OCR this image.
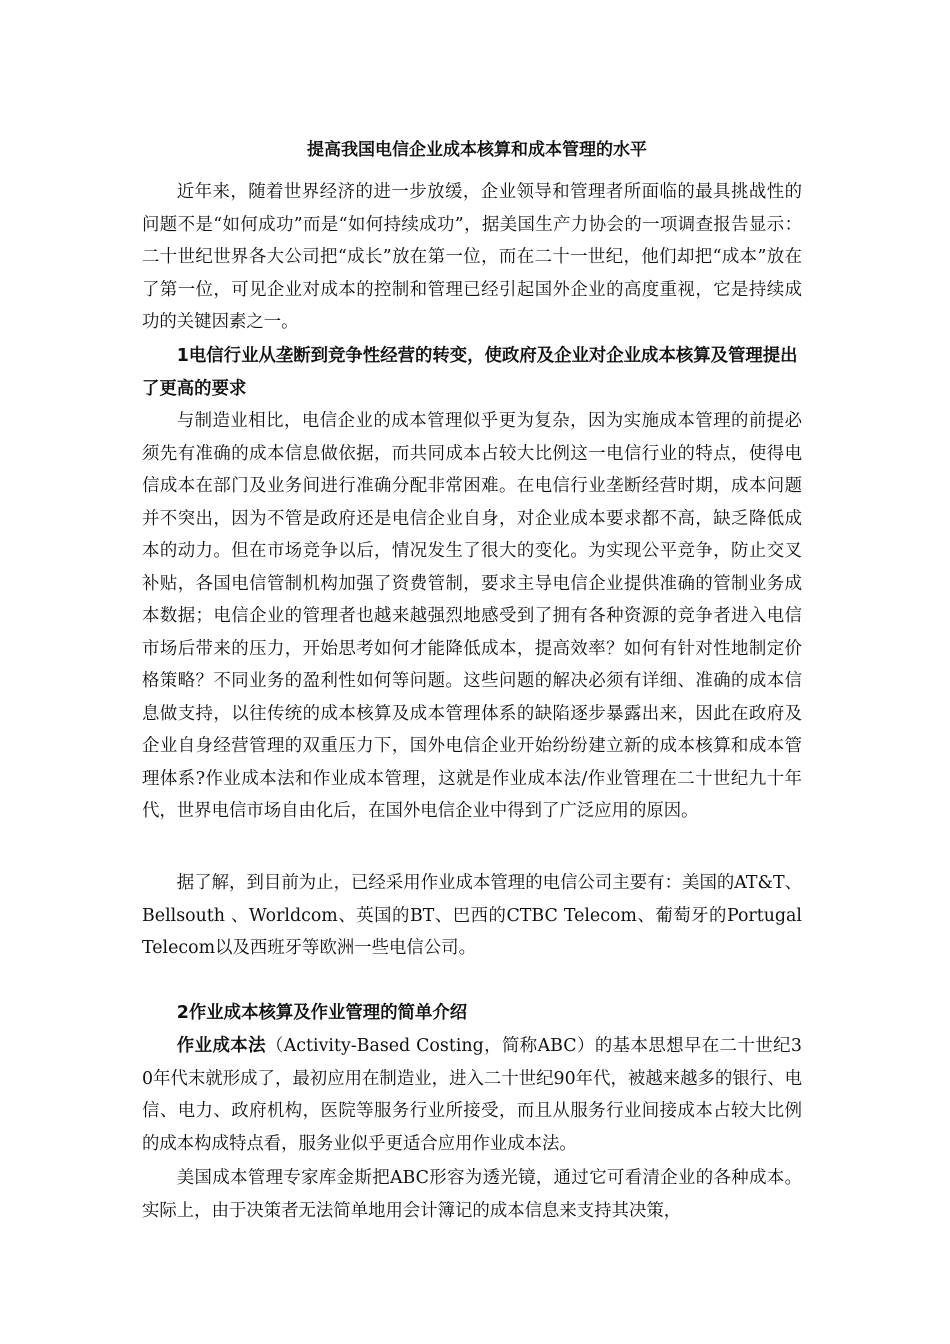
提高我国电信企业成本核算和成本管理的水平

近年来，随着世界经济的进一步放缓，企业领导和管理者所面临的最具挑战性的问题不是“如何成功”而是“如何持续成功”，据美国生产力协会的一项调查报告显示：二十世纪世界各大公司把“成长”放在第一位，而在二十一世纪，他们却把“成本”放在了第一位，可见企业对成本的控制和管理已经引起国外企业的高度重视，它是持续成功的关键因素之一。

1电信行业从垄断到竞争性经营的转变，使政府及企业对企业成本核算及管理提出了更高的要求

与制造业相比，电信企业的成本管理似乎更为复杂，因为实施成本管理的前提必须先有准确的成本信息做依据，而共同成本占较大比例这一电信行业的特点，使得电信成本在部门及业务间进行准确分配非常困难。在电信行业垄断经营时期，成本问题并不突出，因为不管是政府还是电信企业自身，对企业成本要求都不高，缺乏降低成本的动力。但在市场竞争以后，情况发生了很大的变化。为实现公平竞争，防止交叉补贴，各国电信管制机构加强了资费管制，要求主导电信企业提供准确的管制业务成本数据；电信企业的管理者也越来越强烈地感受到了拥有各种资源的竞争者进入电信市场后带来的压力，开始思考如何才能降低成本，提高效率？如何有针对性地制定价格策略？不同业务的盈利性如何等问题。这些问题的解决必须有详细、准确的成本信息做支持，以往传统的成本核算及成本管理体系的缺陷逐步暴露出来，因此在政府及企业自身经营管理的双重压力下，国外电信企业开始纷纷建立新的成本核算和成本管理体系?作业成本法和作业成本管理，这就是作业成本法/作业管理在二十世纪九十年代，世界电信市场自由化后，在国外电信企业中得到了广泛应用的原因。

据了解，到目前为止，已经采用作业成本管理的电信公司主要有：美国的AT&T、Bellsouth 、Worldcom、英国的BT、巴西的CTBC Telecom、葡萄牙的Portugal Telecom以及西班牙等欧洲一些电信公司。

2作业成本核算及作业管理的简单介绍

作业成本法（Activity-Based Costing，简称ABC）的基本思想早在二十世纪30年代末就形成了，最初应用在制造业，进入二十世纪90年代，被越来越多的银行、电信、电力、政府机构，医院等服务行业所接受，而且从服务行业间接成本占较大比例的成本构成特点看，服务业似乎更适合应用作业成本法。

美国成本管理专家库金斯把ABC形容为透光镜，通过它可看清企业的各种成本。实际上，由于决策者无法简单地用会计簿记的成本信息来支持其决策，
